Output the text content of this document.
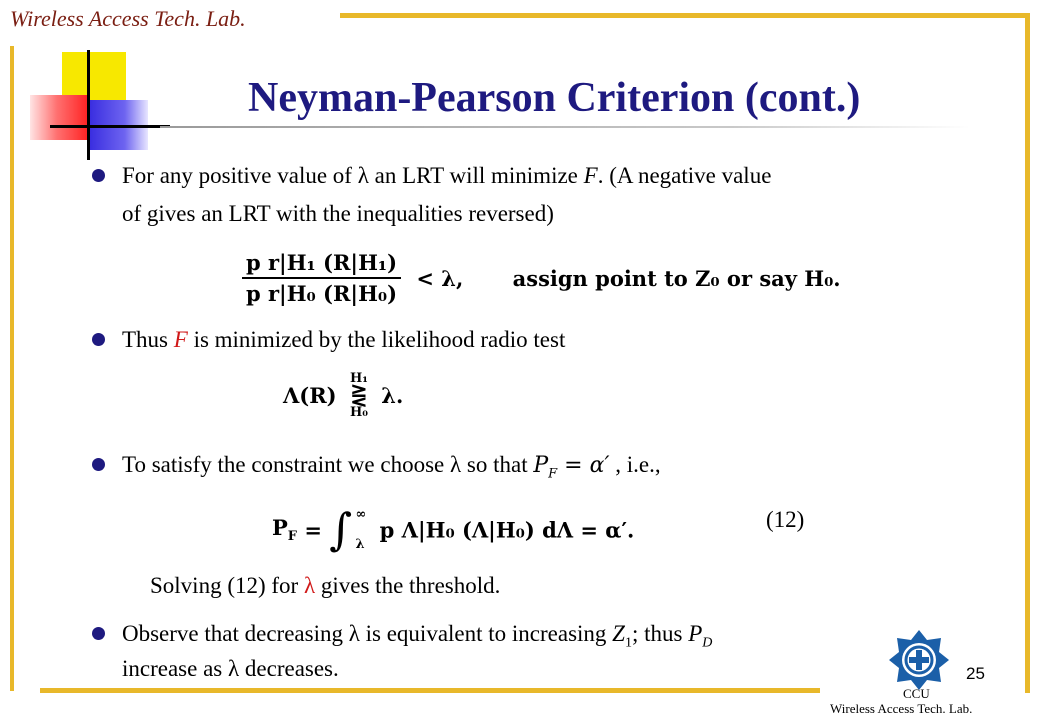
Wireless Access Tech. Lab.
Neyman-Pearson Criterion (cont.)
For any positive value of λ an LRT will minimize F. (A negative value
of gives an LRT with the inequalities reversed)
$\frac{\text{p r|H₁ (R|H₁)}}{\text{p r|H₀ (R|H₀)}} < \lambda$, assign point to Z₀ or say H₀.
Thus F is minimized by the likelihood radio test
Λ(R)
H₁
⋛
H₀
λ.
To satisfy the constraint we choose λ so that $P_F = \alpha'$ , i.e.,
$P_F$ = ∫ ∞
λ
p Λ|H₀ (Λ|H₀) dΛ = α′.	(12)
Solving (12) for λ gives the threshold.
Observe that decreasing λ is equivalent to increasing $Z_1$; thus $P_D$
increase as λ decreases.	25
CCU
Wireless Access Tech. Lab.
